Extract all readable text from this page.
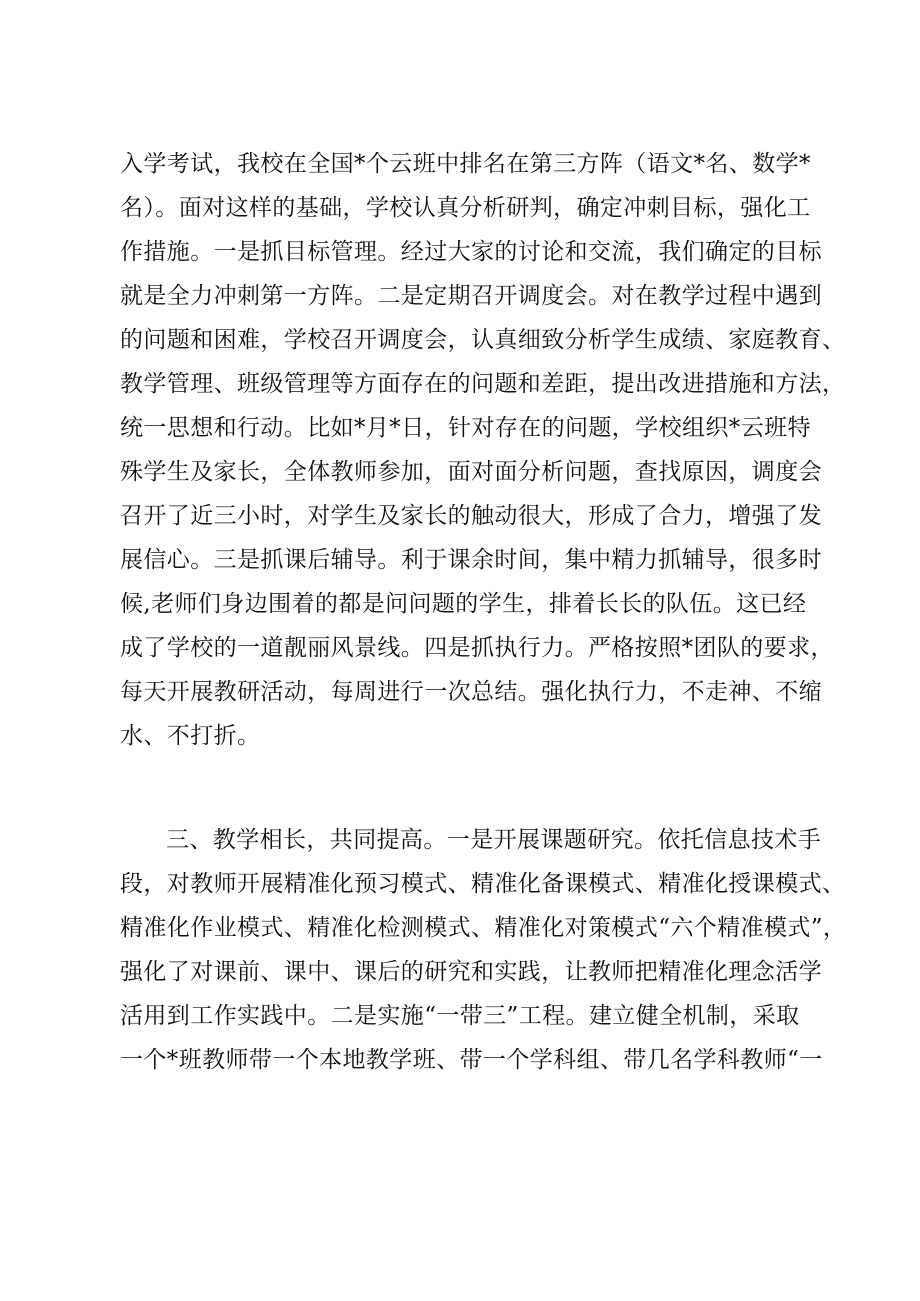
入学考试，我校在全国*个云班中排名在第三方阵（语文*名、数学*
名）。面对这样的基础，学校认真分析研判，确定冲刺目标，强化工
作措施。一是抓目标管理。经过大家的讨论和交流，我们确定的目标
就是全力冲刺第一方阵。二是定期召开调度会。对在教学过程中遇到
的问题和困难，学校召开调度会，认真细致分析学生成绩、家庭教育、
教学管理、班级管理等方面存在的问题和差距，提出改进措施和方法，
统一思想和行动。比如*月*日，针对存在的问题，学校组织*云班特
殊学生及家长，全体教师参加，面对面分析问题，查找原因，调度会
召开了近三小时，对学生及家长的触动很大，形成了合力，增强了发
展信心。三是抓课后辅导。利于课余时间，集中精力抓辅导，很多时
候,老师们身边围着的都是问问题的学生，排着长长的队伍。这已经
成了学校的一道靓丽风景线。四是抓执行力。严格按照*团队的要求，
每天开展教研活动，每周进行一次总结。强化执行力，不走神、不缩
水、不打折。
三、教学相长，共同提高。一是开展课题研究。依托信息技术手
段，对教师开展精准化预习模式、精准化备课模式、精准化授课模式、
精准化作业模式、精准化检测模式、精准化对策模式“六个精准模式”，
强化了对课前、课中、课后的研究和实践，让教师把精准化理念活学
活用到工作实践中。二是实施“一带三”工程。建立健全机制，采取
一个*班教师带一个本地教学班、带一个学科组、带几名学科教师“一
